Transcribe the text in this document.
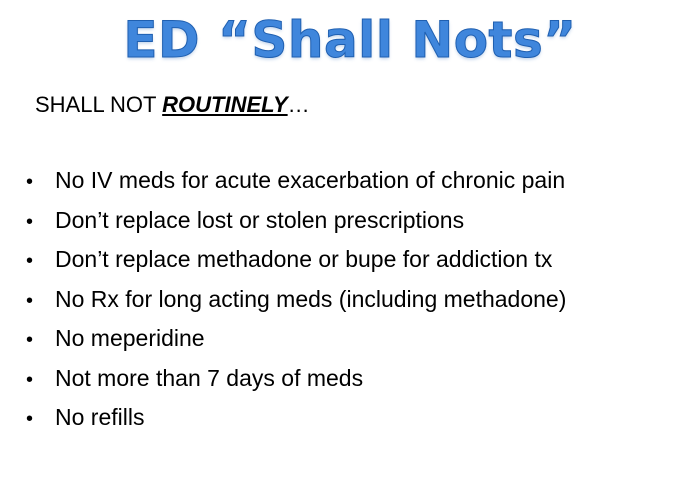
ED “Shall Nots”
SHALL NOT ROUTINELY…
• No IV meds for acute exacerbation of chronic pain
• Don’t replace lost or stolen prescriptions
• Don’t replace methadone or bupe for addiction tx
• No Rx for long acting meds (including methadone)
• No meperidine
• Not more than 7 days of meds
• No refills
